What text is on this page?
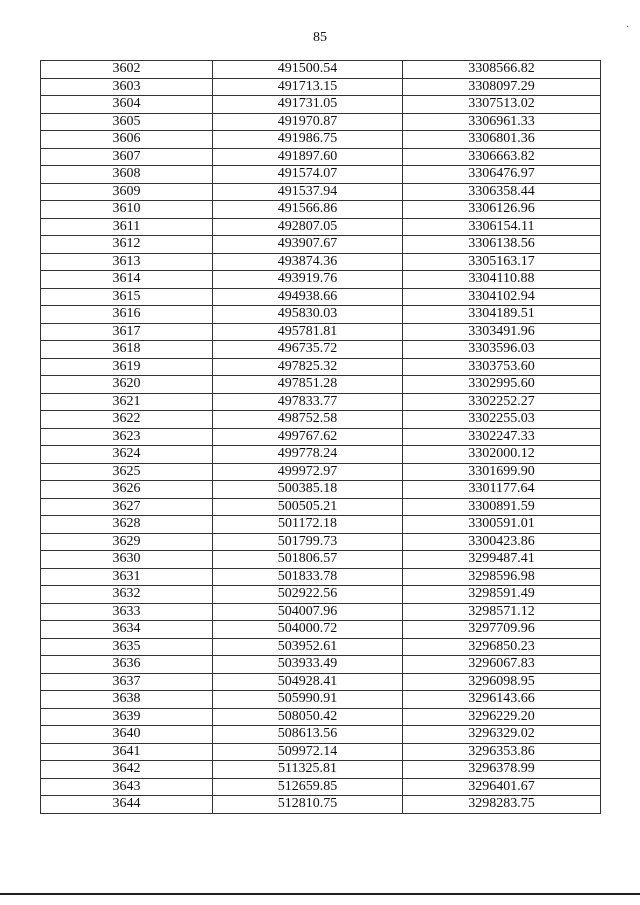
85
·
3602	491500.54	3308566.82
3603	491713.15	3308097.29
3604	491731.05	3307513.02
3605	491970.87	3306961.33
3606	491986.75	3306801.36
3607	491897.60	3306663.82
3608	491574.07	3306476.97
3609	491537.94	3306358.44
3610	491566.86	3306126.96
3611	492807.05	3306154.11
3612	493907.67	3306138.56
3613	493874.36	3305163.17
3614	493919.76	3304110.88
3615	494938.66	3304102.94
3616	495830.03	3304189.51
3617	495781.81	3303491.96
3618	496735.72	3303596.03
3619	497825.32	3303753.60
3620	497851.28	3302995.60
3621	497833.77	3302252.27
3622	498752.58	3302255.03
3623	499767.62	3302247.33
3624	499778.24	3302000.12
3625	499972.97	3301699.90
3626	500385.18	3301177.64
3627	500505.21	3300891.59
3628	501172.18	3300591.01
3629	501799.73	3300423.86
3630	501806.57	3299487.41
3631	501833.78	3298596.98
3632	502922.56	3298591.49
3633	504007.96	3298571.12
3634	504000.72	3297709.96
3635	503952.61	3296850.23
3636	503933.49	3296067.83
3637	504928.41	3296098.95
3638	505990.91	3296143.66
3639	508050.42	3296229.20
3640	508613.56	3296329.02
3641	509972.14	3296353.86
3642	511325.81	3296378.99
3643	512659.85	3296401.67
3644	512810.75	3298283.75
